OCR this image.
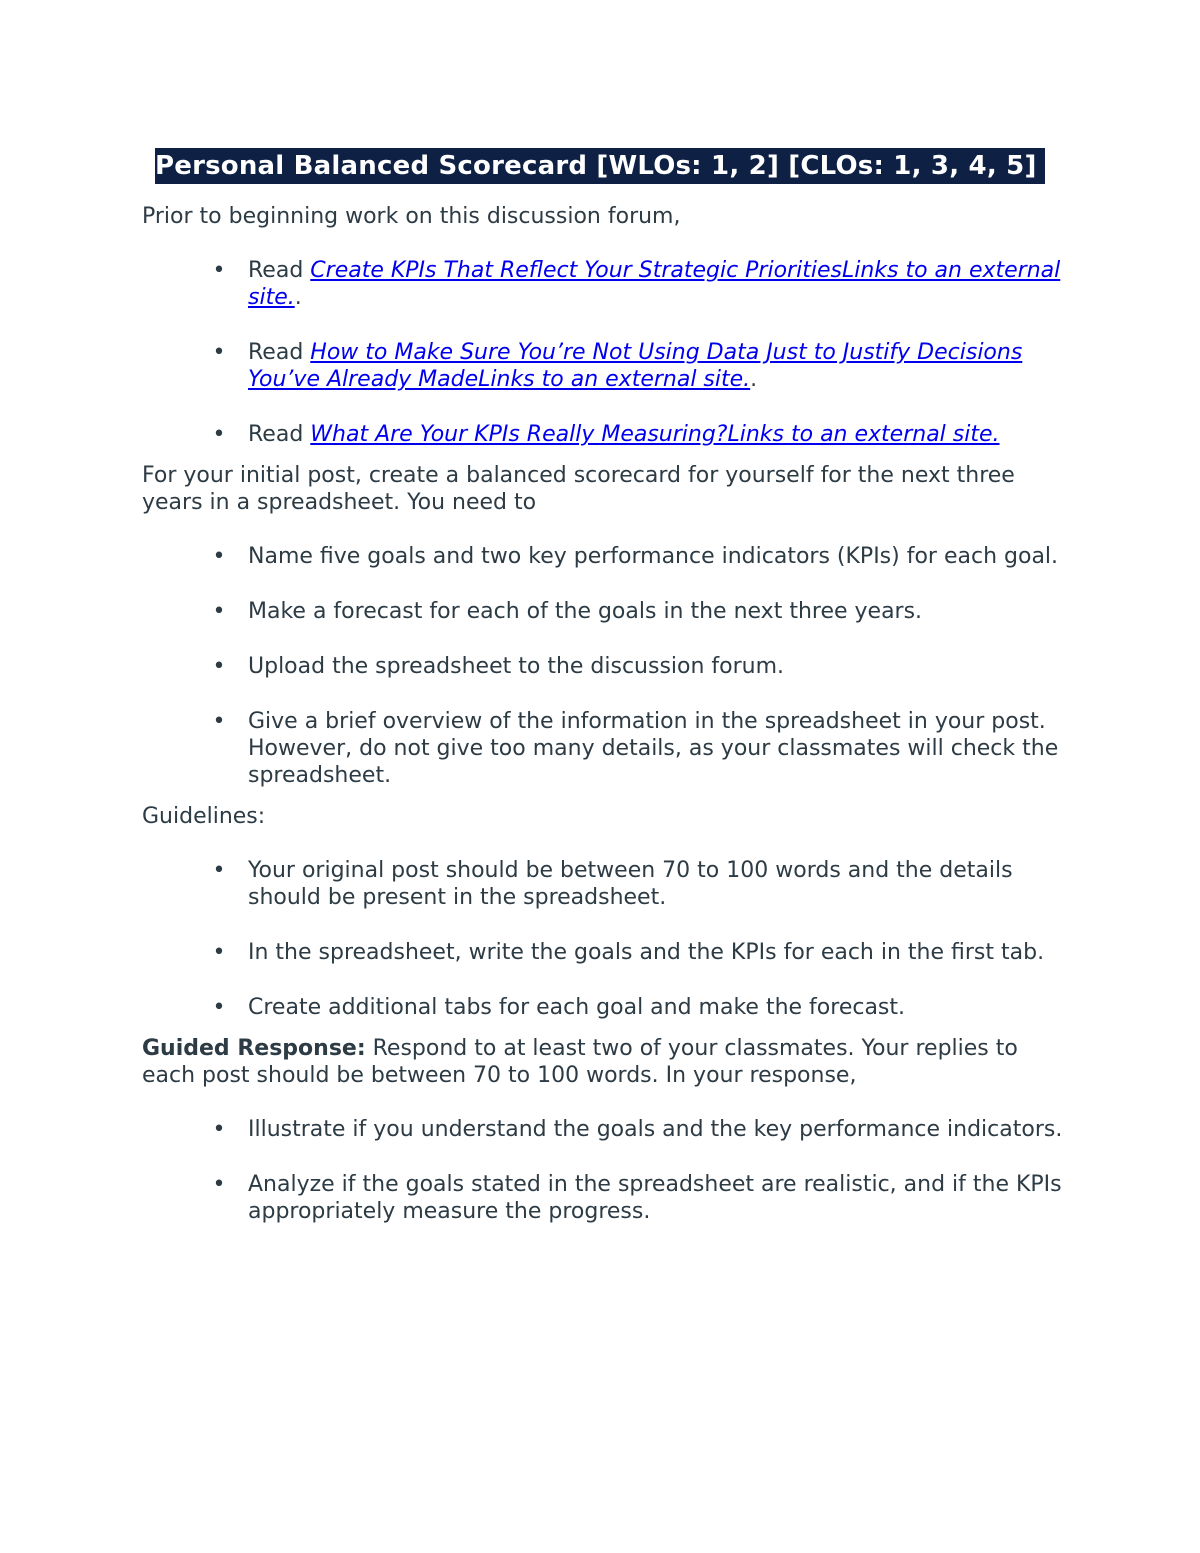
Personal Balanced Scorecard [WLOs: 1, 2] [CLOs: 1, 3, 4, 5]

Prior to beginning work on this discussion forum,

• Read Create KPIs That Reflect Your Strategic PrioritiesLinks to an external site..
• Read How to Make Sure You’re Not Using Data Just to Justify Decisions You’ve Already MadeLinks to an external site..
• Read What Are Your KPIs Really Measuring?Links to an external site.

For your initial post, create a balanced scorecard for yourself for the next three years in a spreadsheet. You need to

• Name five goals and two key performance indicators (KPIs) for each goal.
• Make a forecast for each of the goals in the next three years.
• Upload the spreadsheet to the discussion forum.
• Give a brief overview of the information in the spreadsheet in your post. However, do not give too many details, as your classmates will check the spreadsheet.

Guidelines:

• Your original post should be between 70 to 100 words and the details should be present in the spreadsheet.
• In the spreadsheet, write the goals and the KPIs for each in the first tab.
• Create additional tabs for each goal and make the forecast.

Guided Response: Respond to at least two of your classmates. Your replies to each post should be between 70 to 100 words. In your response,

• Illustrate if you understand the goals and the key performance indicators.
• Analyze if the goals stated in the spreadsheet are realistic, and if the KPIs appropriately measure the progress.
